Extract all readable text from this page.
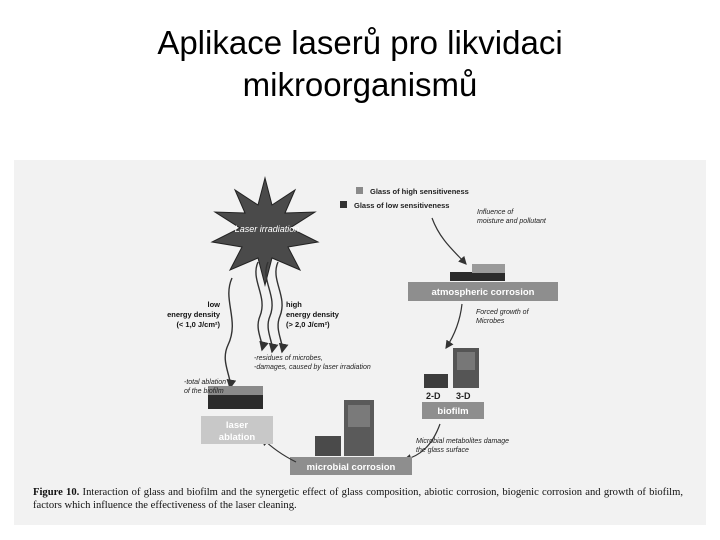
Aplikace laserů pro likvidaci
mikroorganismů
Laser irradiation
low
energy density
(< 1,0 J/cm²)
high
energy density
(> 2,0 J/cm²)
Glass of high sensitiveness
Glass of low sensitiveness
Influence of
moisture and pollutant
atmospheric corrosion
Forced growth of
Microbes
2-D 3-D
biofilm
Microbial metabolites damage
the glass surface
microbial corrosion
laser
ablation
-residues of microbes,
-damages, caused by laser irradiation
-total ablation
of the biofilm
Figure 10. Interaction of glass and biofilm and the synergetic effect of glass composition, abiotic corrosion, biogenic corrosion and growth of biofilm, factors which influence the effectiveness of the laser cleaning.
